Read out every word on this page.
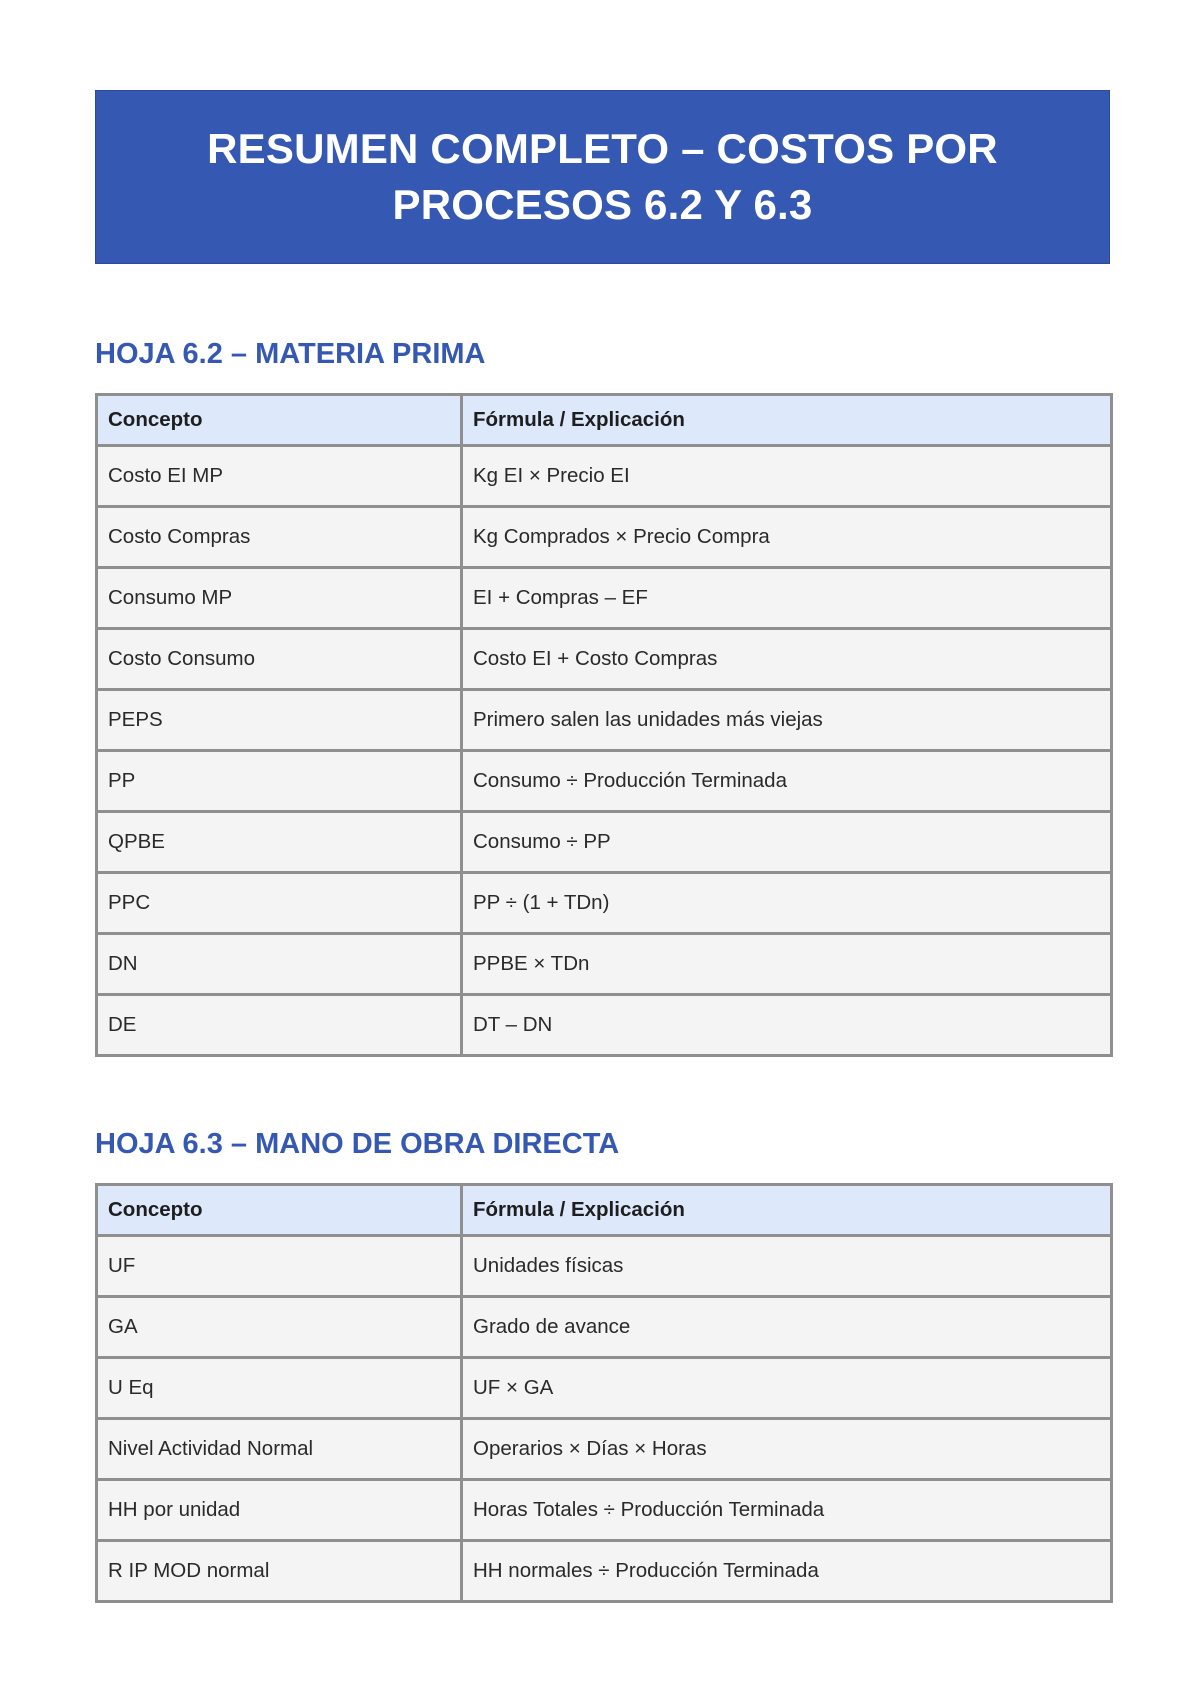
RESUMEN COMPLETO – COSTOS POR
PROCESOS 6.2 Y 6.3
HOJA 6.2 – MATERIA PRIMA
Concepto	Fórmula / Explicación
Costo EI MP	Kg EI × Precio EI
Costo Compras	Kg Comprados × Precio Compra
Consumo MP	EI + Compras – EF
Costo Consumo	Costo EI + Costo Compras
PEPS	Primero salen las unidades más viejas
PP	Consumo ÷ Producción Terminada
QPBE	Consumo ÷ PP
PPC	PP ÷ (1 + TDn)
DN	PPBE × TDn
DE	DT – DN
HOJA 6.3 – MANO DE OBRA DIRECTA
Concepto	Fórmula / Explicación
UF	Unidades físicas
GA	Grado de avance
U Eq	UF × GA
Nivel Actividad Normal	Operarios × Días × Horas
HH por unidad	Horas Totales ÷ Producción Terminada
R IP MOD normal	HH normales ÷ Producción Terminada
